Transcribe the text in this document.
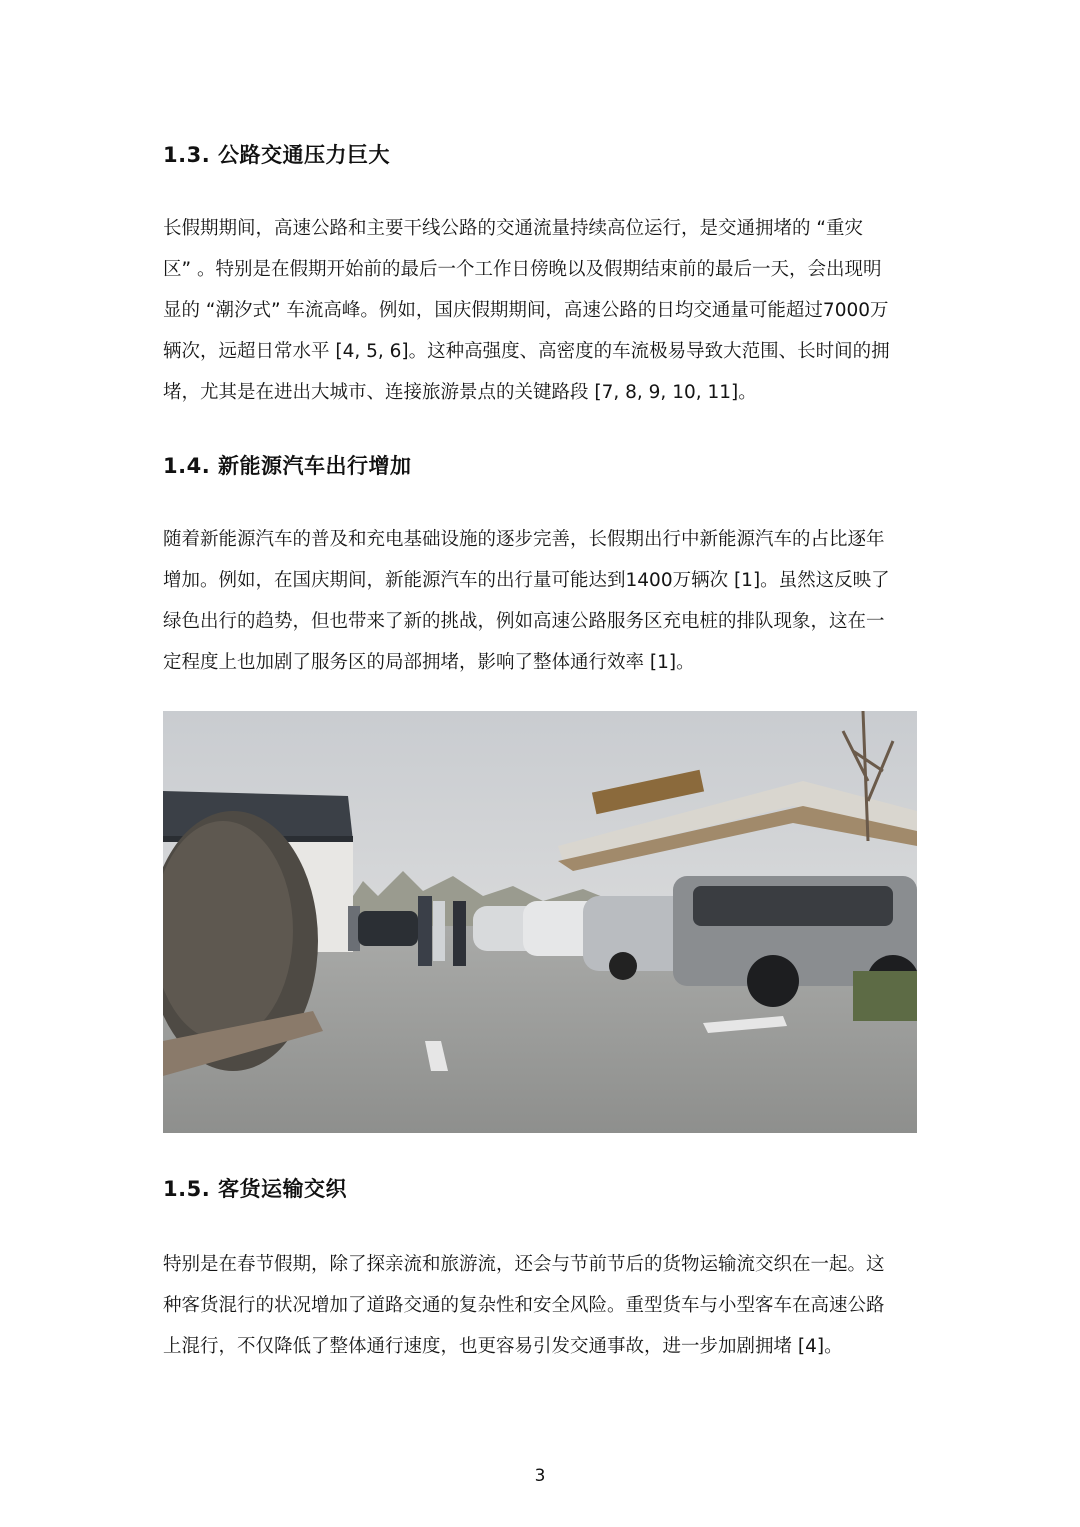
1.3. 公路交通压力巨大
长假期期间，高速公路和主要干线公路的交通流量持续高位运行，是交通拥堵的 “重灾
区” 。特别是在假期开始前的最后一个工作日傍晚以及假期结束前的最后一天，会出现明
显的 “潮汐式” 车流高峰。例如，国庆假期期间，高速公路的日均交通量可能超过7000万
辆次，远超日常水平 [4, 5, 6]。这种高强度、高密度的车流极易导致大范围、长时间的拥
堵，尤其是在进出大城市、连接旅游景点的关键路段 [7, 8, 9, 10, 11]。
1.4. 新能源汽车出行增加
随着新能源汽车的普及和充电基础设施的逐步完善，长假期出行中新能源汽车的占比逐年
增加。例如，在国庆期间，新能源汽车的出行量可能达到1400万辆次 [1]。虽然这反映了
绿色出行的趋势，但也带来了新的挑战，例如高速公路服务区充电桩的排队现象，这在一
定程度上也加剧了服务区的局部拥堵，影响了整体通行效率 [1]。
1.5. 客货运输交织
特别是在春节假期，除了探亲流和旅游流，还会与节前节后的货物运输流交织在一起。这
种客货混行的状况增加了道路交通的复杂性和安全风险。重型货车与小型客车在高速公路
上混行，不仅降低了整体通行速度，也更容易引发交通事故，进一步加剧拥堵 [4]。
3
